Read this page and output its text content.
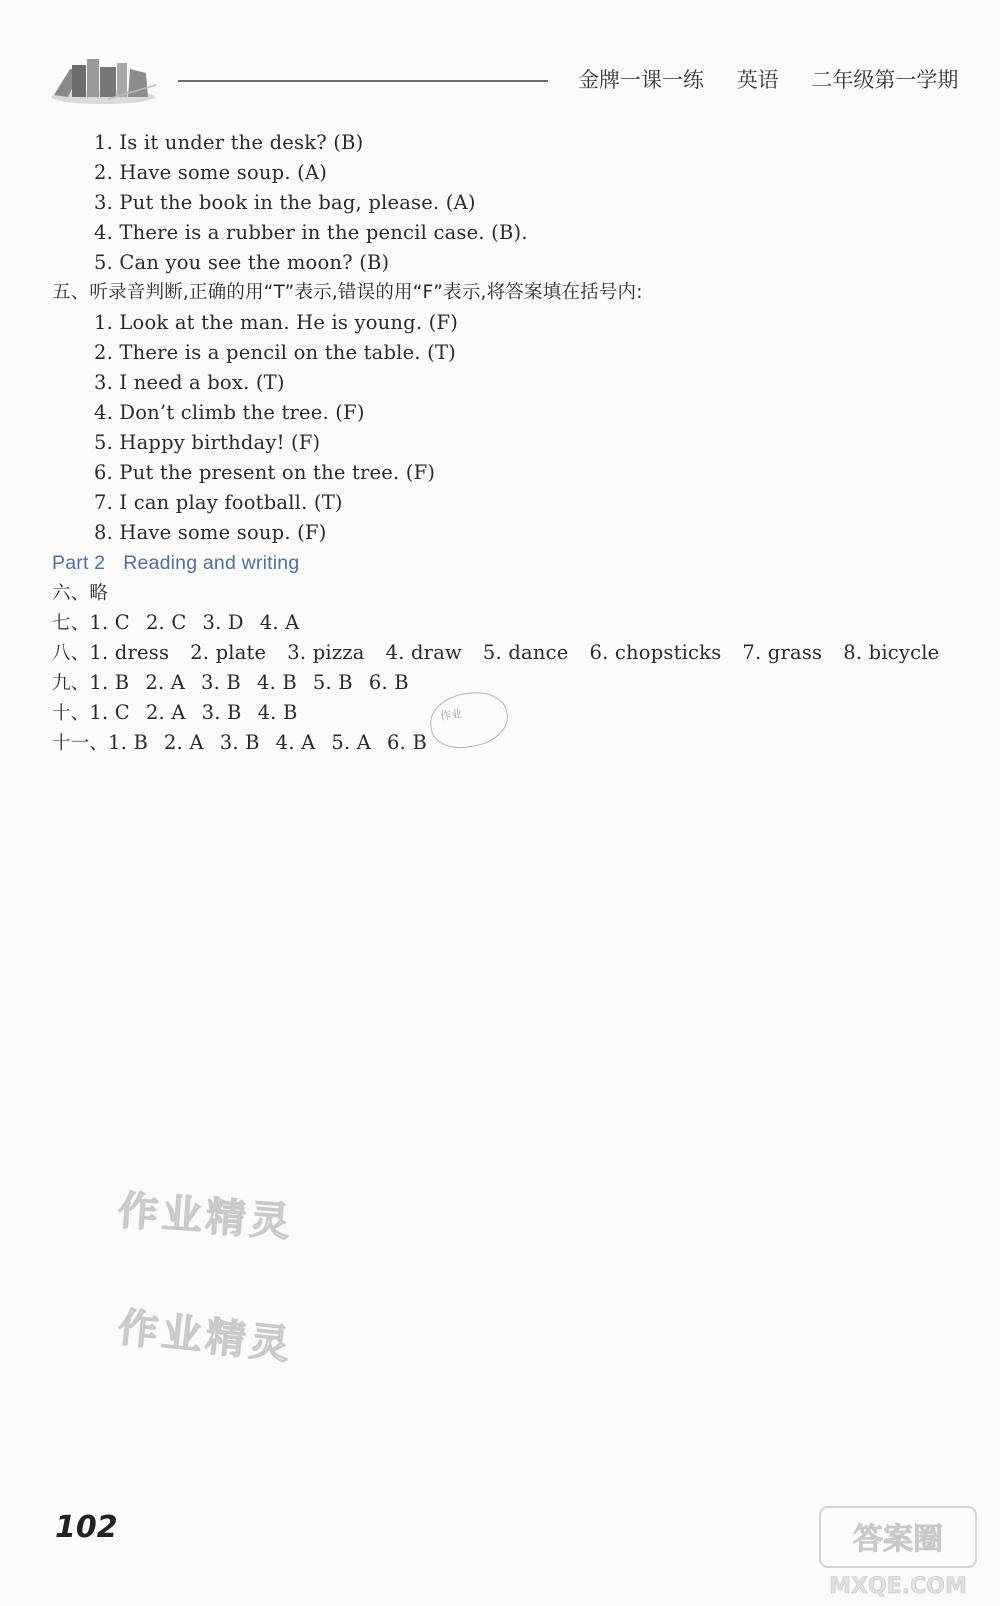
金牌一课一练 英语 二年级第一学期
1. Is it under the desk? (B)
2. Have some soup. (A)
3. Put the book in the bag, please. (A)
4. There is a rubber in the pencil case. (B).
5. Can you see the moon? (B)
五、听录音判断,正确的用“T”表示,错误的用“F”表示,将答案填在括号内:
1. Look at the man. He is young. (F)
2. There is a pencil on the table. (T)
3. I need a box. (T)
4. Don’t climb the tree. (F)
5. Happy birthday! (F)
6. Put the present on the tree. (F)
7. I can play football. (T)
8. Have some soup. (F)
Part 2 Reading and writing
六、略
七、1. C 2. C 3. D 4. A
八、1. dress 2. plate 3. pizza 4. draw 5. dance 6. chopsticks 7. grass 8. bicycle
九、1. B 2. A 3. B 4. B 5. B 6. B
十、1. C 2. A 3. B 4. B
十一、1. B 2. A 3. B 4. A 5. A 6. B
作业
作业精灵
作业精灵
102	答案圈
MXQE.COM
